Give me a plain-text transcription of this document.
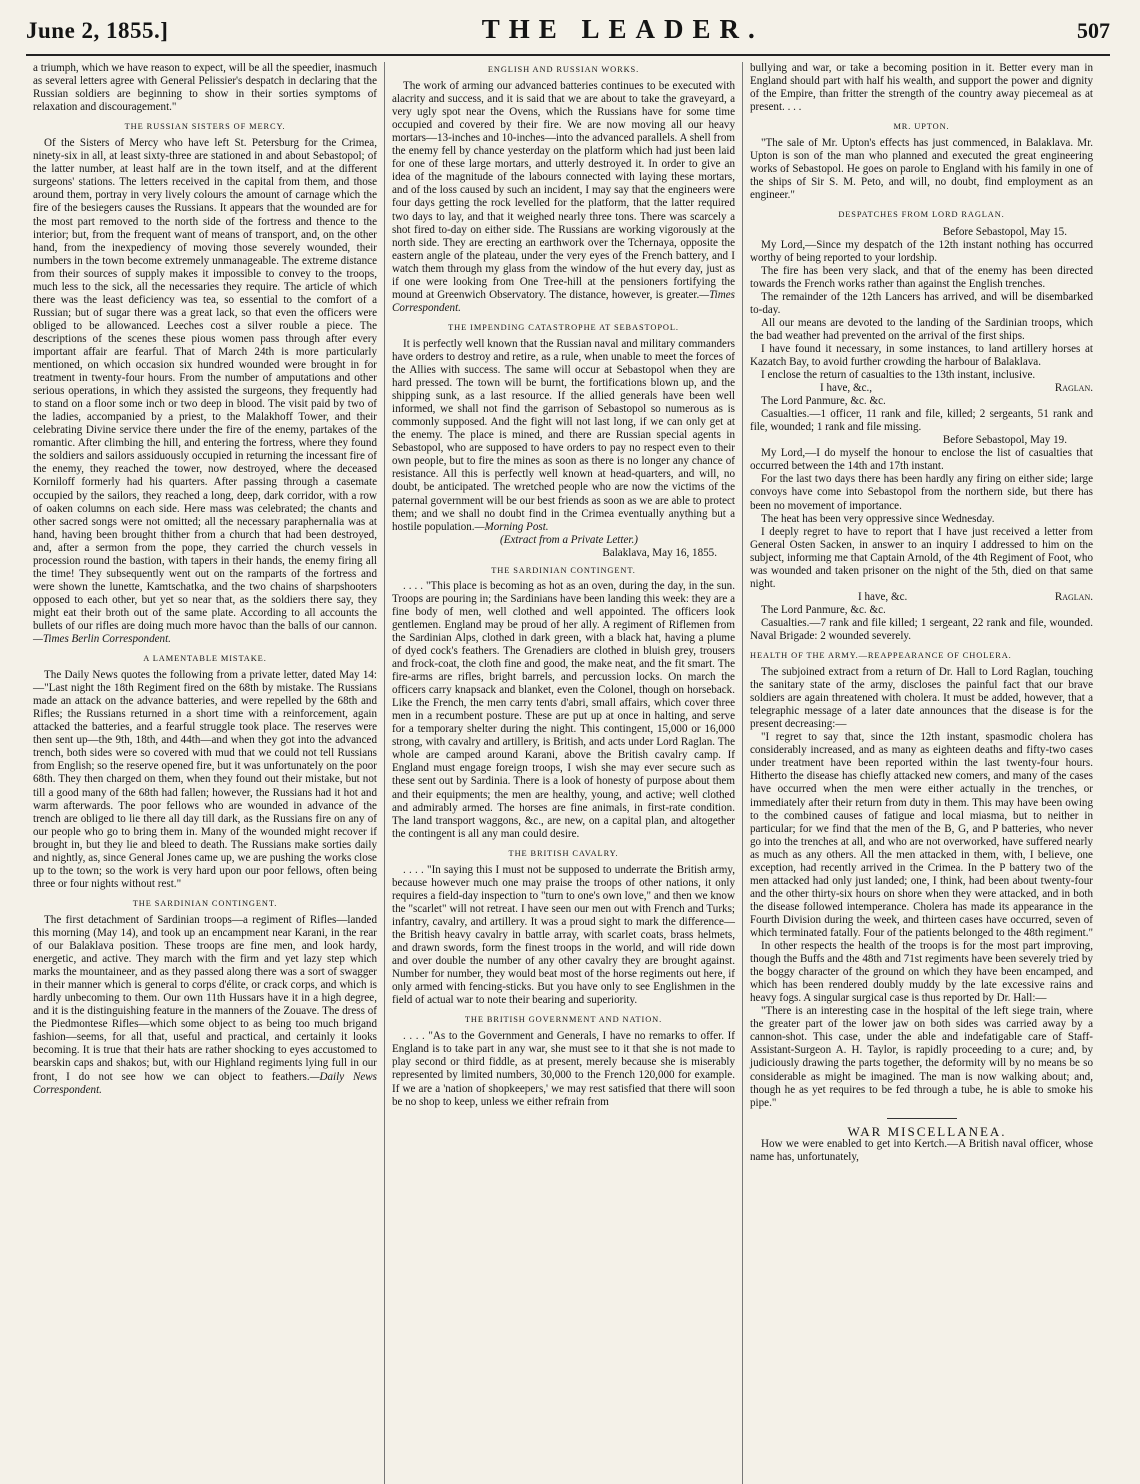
June 2, 1855.]	THE LEADER.	507

a triumph, which we have reason to expect, will be all the speedier, inasmuch as several letters agree with General Pelissier's despatch in declaring that the Russian soldiers are beginning to show in their sorties symptoms of relaxation and discouragement."

THE RUSSIAN SISTERS OF MERCY.

Of the Sisters of Mercy who have left St. Petersburg for the Crimea, ninety-six in all, at least sixty-three are stationed in and about Sebastopol; of the latter number, at least half are in the town itself, and at the different surgeons' stations. The letters received in the capital from them, and those around them, portray in very lively colours the amount of carnage which the fire of the besiegers causes the Russians. It appears that the wounded are for the most part removed to the north side of the fortress and thence to the interior; but, from the frequent want of means of transport, and, on the other hand, from the inexpediency of moving those severely wounded, their numbers in the town become extremely unmanageable. The extreme distance from their sources of supply makes it impossible to convey to the troops, much less to the sick, all the necessaries they require. The article of which there was the least deficiency was tea, so essential to the comfort of a Russian; but of sugar there was a great lack, so that even the officers were obliged to be allowanced. Leeches cost a silver rouble a piece. The descriptions of the scenes these pious women pass through after every important affair are fearful. That of March 24th is more particularly mentioned, on which occasion six hundred wounded were brought in for treatment in twenty-four hours. From the number of amputations and other serious operations, in which they assisted the surgeons, they frequently had to stand on a floor some inch or two deep in blood. The visit paid by two of the ladies, accompanied by a priest, to the Malakhoff Tower, and their celebrating Divine service there under the fire of the enemy, partakes of the romantic. After climbing the hill, and entering the fortress, where they found the soldiers and sailors assiduously occupied in returning the incessant fire of the enemy, they reached the tower, now destroyed, where the deceased Korniloff formerly had his quarters. After passing through a casemate occupied by the sailors, they reached a long, deep, dark corridor, with a row of oaken columns on each side. Here mass was celebrated; the chants and other sacred songs were not omitted; all the necessary paraphernalia was at hand, having been brought thither from a church that had been destroyed, and, after a sermon from the pope, they carried the church vessels in procession round the bastion, with tapers in their hands, the enemy firing all the time! They subsequently went out on the ramparts of the fortress and were shown the lunette, Kamtschatka, and the two chains of sharpshooters opposed to each other, but yet so near that, as the soldiers there say, they might eat their broth out of the same plate. According to all accounts the bullets of our rifles are doing much more havoc than the balls of our cannon.—Times Berlin Correspondent.

A LAMENTABLE MISTAKE.

The Daily News quotes the following from a private letter, dated May 14:—"Last night the 18th Regiment fired on the 68th by mistake. The Russians made an attack on the advance batteries, and were repelled by the 68th and Rifles; the Russians returned in a short time with a reinforcement, again attacked the batteries, and a fearful struggle took place. The reserves were then sent up—the 9th, 18th, and 44th—and when they got into the advanced trench, both sides were so covered with mud that we could not tell Russians from English; so the reserve opened fire, but it was unfortunately on the poor 68th. They then charged on them, when they found out their mistake, but not till a good many of the 68th had fallen; however, the Russians had it hot and warm afterwards. The poor fellows who are wounded in advance of the trench are obliged to lie there all day till dark, as the Russians fire on any of our people who go to bring them in. Many of the wounded might recover if brought in, but they lie and bleed to death. The Russians make sorties daily and nightly, as, since General Jones came up, we are pushing the works close up to the town; so the work is very hard upon our poor fellows, often being three or four nights without rest."

THE SARDINIAN CONTINGENT.

The first detachment of Sardinian troops—a regiment of Rifles—landed this morning (May 14), and took up an encampment near Karani, in the rear of our Balaklava position. These troops are fine men, and look hardy, energetic, and active. They march with the firm and yet lazy step which marks the mountaineer, and as they passed along there was a sort of swagger in their manner which is general to corps d'élite, or crack corps, and which is hardly unbecoming to them. Our own 11th Hussars have it in a high degree, and it is the distinguishing feature in the manners of the Zouave. The dress of the Piedmontese Rifles—which some object to as being too much brigand fashion—seems, for all that, useful and practical, and certainly it looks becoming. It is true that their hats are rather shocking to eyes accustomed to bearskin caps and shakos; but, with our Highland regiments lying full in our front, I do not see how we can object to feathers.—Daily News Correspondent.

ENGLISH AND RUSSIAN WORKS.

The work of arming our advanced batteries continues to be executed with alacrity and success, and it is said that we are about to take the graveyard, a very ugly spot near the Ovens, which the Russians have for some time occupied and covered by their fire. We are now moving all our heavy mortars—13-inches and 10-inches—into the advanced parallels. A shell from the enemy fell by chance yesterday on the platform which had just been laid for one of these large mortars, and utterly destroyed it. In order to give an idea of the magnitude of the labours connected with laying these mortars, and of the loss caused by such an incident, I may say that the engineers were four days getting the rock levelled for the platform, that the latter required two days to lay, and that it weighed nearly three tons. There was scarcely a shot fired to-day on either side. The Russians are working vigorously at the north side. They are erecting an earthwork over the Tchernaya, opposite the eastern angle of the plateau, under the very eyes of the French battery, and I watch them through my glass from the window of the hut every day, just as if one were looking from One Tree-hill at the pensioners fortifying the mound at Greenwich Observatory. The distance, however, is greater.—Times Correspondent.

THE IMPENDING CATASTROPHE AT SEBASTOPOL.

It is perfectly well known that the Russian naval and military commanders have orders to destroy and retire, as a rule, when unable to meet the forces of the Allies with success. The same will occur at Sebastopol when they are hard pressed. The town will be burnt, the fortifications blown up, and the shipping sunk, as a last resource. If the allied generals have been well informed, we shall not find the garrison of Sebastopol so numerous as is commonly supposed. And the fight will not last long, if we can only get at the enemy. The place is mined, and there are Russian special agents in Sebastopol, who are supposed to have orders to pay no respect even to their own people, but to fire the mines as soon as there is no longer any chance of resistance. All this is perfectly well known at head-quarters, and will, no doubt, be anticipated. The wretched people who are now the victims of the paternal government will be our best friends as soon as we are able to protect them; and we shall no doubt find in the Crimea eventually anything but a hostile population.—Morning Post.

(Extract from a Private Letter.)

Balaklava, May 16, 1855.

THE SARDINIAN CONTINGENT.

. . . . "This place is becoming as hot as an oven, during the day, in the sun. Troops are pouring in; the Sardinians have been landing this week: they are a fine body of men, well clothed and well appointed. The officers look gentlemen. England may be proud of her ally. A regiment of Riflemen from the Sardinian Alps, clothed in dark green, with a black hat, having a plume of dyed cock's feathers. The Grenadiers are clothed in bluish grey, trousers and frock-coat, the cloth fine and good, the make neat, and the fit smart. The fire-arms are rifles, bright barrels, and percussion locks. On march the officers carry knapsack and blanket, even the Colonel, though on horseback. Like the French, the men carry tents d'abri, small affairs, which cover three men in a recumbent posture. These are put up at once in halting, and serve for a temporary shelter during the night. This contingent, 15,000 or 16,000 strong, with cavalry and artillery, is British, and acts under Lord Raglan. The whole are camped around Karani, above the British cavalry camp. If England must engage foreign troops, I wish she may ever secure such as these sent out by Sardinia. There is a look of honesty of purpose about them and their equipments; the men are healthy, young, and active; well clothed and admirably armed. The horses are fine animals, in first-rate condition. The land transport waggons, &c., are new, on a capital plan, and altogether the contingent is all any man could desire.

THE BRITISH CAVALRY.

. . . . "In saying this I must not be supposed to underrate the British army, because however much one may praise the troops of other nations, it only requires a field-day inspection to "turn to one's own love," and then we know the "scarlet" will not retreat. I have seen our men out with French and Turks; infantry, cavalry, and artillery. It was a proud sight to mark the difference—the British heavy cavalry in battle array, with scarlet coats, brass helmets, and drawn swords, form the finest troops in the world, and will ride down and over double the number of any other cavalry they are brought against. Number for number, they would beat most of the horse regiments out here, if only armed with fencing-sticks. But you have only to see Englishmen in the field of actual war to note their bearing and superiority.

THE BRITISH GOVERNMENT AND NATION.

. . . . "As to the Government and Generals, I have no remarks to offer. If England is to take part in any war, she must see to it that she is not made to play second or third fiddle, as at present, merely because she is miserably represented by limited numbers, 30,000 to the French 120,000 for example. If we are a 'nation of shopkeepers,' we may rest satisfied that there will soon be no shop to keep, unless we either refrain from

bullying and war, or take a becoming position in it. Better every man in England should part with half his wealth, and support the power and dignity of the Empire, than fritter the strength of the country away piecemeal as at present. . . .

MR. UPTON.

"The sale of Mr. Upton's effects has just commenced, in Balaklava. Mr. Upton is son of the man who planned and executed the great engineering works of Sebastopol. He goes on parole to England with his family in one of the ships of Sir S. M. Peto, and will, no doubt, find employment as an engineer."

DESPATCHES FROM LORD RAGLAN.

Before Sebastopol, May 15.

My Lord,—Since my despatch of the 12th instant nothing has occurred worthy of being reported to your lordship.

The fire has been very slack, and that of the enemy has been directed towards the French works rather than against the English trenches.

The remainder of the 12th Lancers has arrived, and will be disembarked to-day.

All our means are devoted to the landing of the Sardinian troops, which the bad weather had prevented on the arrival of the first ships.

I have found it necessary, in some instances, to land artillery horses at Kazatch Bay, to avoid further crowding the harbour of Balaklava.

I enclose the return of casualties to the 13th instant, inclusive.

I have, &c.,	Raglan.

The Lord Panmure, &c. &c.

Casualties.—1 officer, 11 rank and file, killed; 2 sergeants, 51 rank and file, wounded; 1 rank and file missing.

Before Sebastopol, May 19.

My Lord,—I do myself the honour to enclose the list of casualties that occurred between the 14th and 17th instant.

For the last two days there has been hardly any firing on either side; large convoys have come into Sebastopol from the northern side, but there has been no movement of importance.

The heat has been very oppressive since Wednesday.

I deeply regret to have to report that I have just received a letter from General Osten Sacken, in answer to an inquiry I addressed to him on the subject, informing me that Captain Arnold, of the 4th Regiment of Foot, who was wounded and taken prisoner on the night of the 5th, died on that same night.

I have, &c.	Raglan.

The Lord Panmure, &c. &c.

Casualties.—7 rank and file killed; 1 sergeant, 22 rank and file, wounded. Naval Brigade: 2 wounded severely.

HEALTH OF THE ARMY.—REAPPEARANCE OF CHOLERA.

The subjoined extract from a return of Dr. Hall to Lord Raglan, touching the sanitary state of the army, discloses the painful fact that our brave soldiers are again threatened with cholera. It must be added, however, that a telegraphic message of a later date announces that the disease is for the present decreasing:—

"I regret to say that, since the 12th instant, spasmodic cholera has considerably increased, and as many as eighteen deaths and fifty-two cases under treatment have been reported within the last twenty-four hours. Hitherto the disease has chiefly attacked new comers, and many of the cases have occurred when the men were either actually in the trenches, or immediately after their return from duty in them. This may have been owing to the combined causes of fatigue and local miasma, but to neither in particular; for we find that the men of the B, G, and P batteries, who never go into the trenches at all, and who are not overworked, have suffered nearly as much as any others. All the men attacked in them, with, I believe, one exception, had recently arrived in the Crimea. In the P battery two of the men attacked had only just landed; one, I think, had been about twenty-four and the other thirty-six hours on shore when they were attacked, and in both the disease followed intemperance. Cholera has made its appearance in the Fourth Division during the week, and thirteen cases have occurred, seven of which terminated fatally. Four of the patients belonged to the 48th regiment."

In other respects the health of the troops is for the most part improving, though the Buffs and the 48th and 71st regiments have been severely tried by the boggy character of the ground on which they have been encamped, and which has been rendered doubly muddy by the late excessive rains and heavy fogs. A singular surgical case is thus reported by Dr. Hall:—

"There is an interesting case in the hospital of the left siege train, where the greater part of the lower jaw on both sides was carried away by a cannon-shot. This case, under the able and indefatigable care of Staff-Assistant-Surgeon A. H. Taylor, is rapidly proceeding to a cure; and, by judiciously drawing the parts together, the deformity will by no means be so considerable as might be imagined. The man is now walking about; and, though he as yet requires to be fed through a tube, he is able to smoke his pipe."

WAR MISCELLANEA.

How we were enabled to get into Kertch.—A British naval officer, whose name has, unfortunately,
